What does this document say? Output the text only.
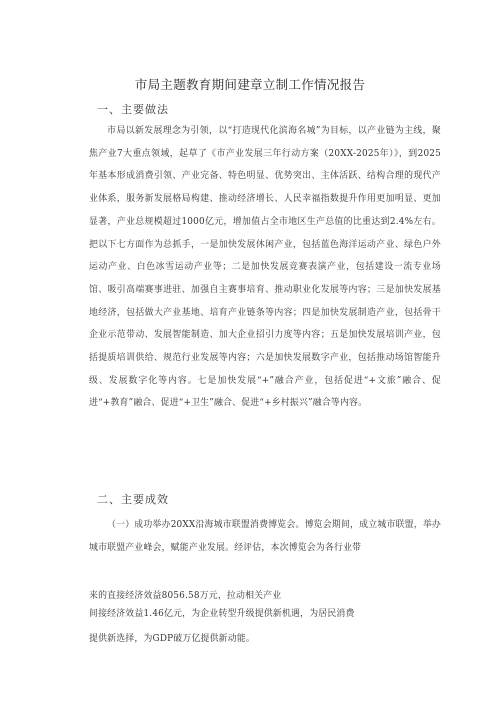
市局主题教育期间建章立制工作情况报告
一、主要做法
市局以新发展理念为引领，以“打造现代化滨海名城”为目标，以产业链为主线，聚焦产业7大重点领域，起草了《市产业发展三年行动方案（20XX-2025年）》，到2025年基本形成消费引领、产业完备、特色明显、优势突出、主体活跃、结构合理的现代产业体系，服务新发展格局构建、推动经济增长、人民幸福指数提升作用更加明显、更加显著，产业总规模超过1000亿元，增加值占全市地区生产总值的比重达到2.4%左右。把以下七方面作为总抓手，一是加快发展休闲产业，包括蓝色海洋运动产业、绿色户外运动产业、白色冰雪运动产业等；二是加快发展竞赛表演产业，包括建设一流专业场馆、吸引高端赛事进驻、加强自主赛事培育、推动职业化发展等内容；三是加快发展基地经济，包括做大产业基地、培育产业链条等内容；四是加快发展制造产业，包括骨干企业示范带动、发展智能制造、加大企业招引力度等内容；五是加快发展培训产业，包括提质培训供给、规范行业发展等内容；六是加快发展数字产业，包括推动场馆智能升级、发展数字化等内容。七是加快发展“+”融合产业，包括促进“+文旅”融合、促进“+教育”融合、促进“+卫生”融合、促进“+乡村振兴”融合等内容。
二、主要成效
（一）成功举办20XX沿海城市联盟消费博览会。博览会期间，成立城市联盟，举办城市联盟产业峰会，赋能产业发展。经评估，本次博览会为各行业带
来的直接经济效益8056.58万元，拉动相关产业
间接经济效益1.46亿元，为企业转型升级提供新机遇，为居民消费
提供新选择，为GDP破万亿提供新动能。
